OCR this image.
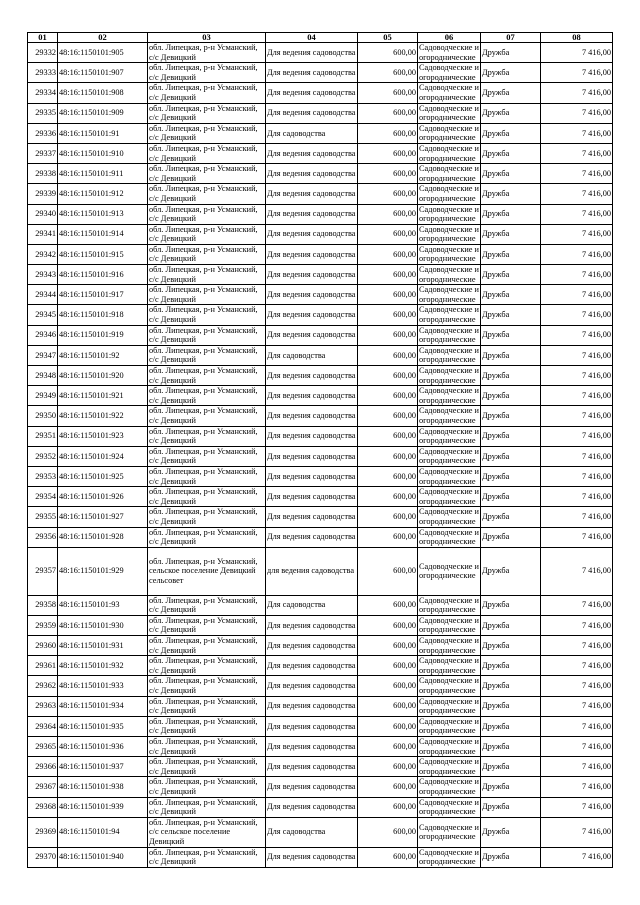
01	02	03	04	05	06	07	08
29332	48:16:1150101:905	обл. Липецкая, р-н Усманский, с/с Девицкий	Для ведения садоводства	600,00	Садоводческие и огороднические	Дружба	7 416,00
29333	48:16:1150101:907	обл. Липецкая, р-н Усманский, с/с Девицкий	Для ведения садоводства	600,00	Садоводческие и огороднические	Дружба	7 416,00
29334	48:16:1150101:908	обл. Липецкая, р-н Усманский, с/с Девицкий	Для ведения садоводства	600,00	Садоводческие и огороднические	Дружба	7 416,00
29335	48:16:1150101:909	обл. Липецкая, р-н Усманский, с/с Девицкий	Для ведения садоводства	600,00	Садоводческие и огороднические	Дружба	7 416,00
29336	48:16:1150101:91	обл. Липецкая, р-н Усманский, с/с Девицкий	Для садоводства	600,00	Садоводческие и огороднические	Дружба	7 416,00
29337	48:16:1150101:910	обл. Липецкая, р-н Усманский, с/с Девицкий	Для ведения садоводства	600,00	Садоводческие и огороднические	Дружба	7 416,00
29338	48:16:1150101:911	обл. Липецкая, р-н Усманский, с/с Девицкий	Для ведения садоводства	600,00	Садоводческие и огороднические	Дружба	7 416,00
29339	48:16:1150101:912	обл. Липецкая, р-н Усманский, с/с Девицкий	Для ведения садоводства	600,00	Садоводческие и огороднические	Дружба	7 416,00
29340	48:16:1150101:913	обл. Липецкая, р-н Усманский, с/с Девицкий	Для ведения садоводства	600,00	Садоводческие и огороднические	Дружба	7 416,00
29341	48:16:1150101:914	обл. Липецкая, р-н Усманский, с/с Девицкий	Для ведения садоводства	600,00	Садоводческие и огороднические	Дружба	7 416,00
29342	48:16:1150101:915	обл. Липецкая, р-н Усманский, с/с Девицкий	Для ведения садоводства	600,00	Садоводческие и огороднические	Дружба	7 416,00
29343	48:16:1150101:916	обл. Липецкая, р-н Усманский, с/с Девицкий	Для ведения садоводства	600,00	Садоводческие и огороднические	Дружба	7 416,00
29344	48:16:1150101:917	обл. Липецкая, р-н Усманский, с/с Девицкий	Для ведения садоводства	600,00	Садоводческие и огороднические	Дружба	7 416,00
29345	48:16:1150101:918	обл. Липецкая, р-н Усманский, с/с Девицкий	Для ведения садоводства	600,00	Садоводческие и огороднические	Дружба	7 416,00
29346	48:16:1150101:919	обл. Липецкая, р-н Усманский, с/с Девицкий	Для ведения садоводства	600,00	Садоводческие и огороднические	Дружба	7 416,00
29347	48:16:1150101:92	обл. Липецкая, р-н Усманский, с/с Девицкий	Для садоводства	600,00	Садоводческие и огороднические	Дружба	7 416,00
29348	48:16:1150101:920	обл. Липецкая, р-н Усманский, с/с Девицкий	Для ведения садоводства	600,00	Садоводческие и огороднические	Дружба	7 416,00
29349	48:16:1150101:921	обл. Липецкая, р-н Усманский, с/с Девицкий	Для ведения садоводства	600,00	Садоводческие и огороднические	Дружба	7 416,00
29350	48:16:1150101:922	обл. Липецкая, р-н Усманский, с/с Девицкий	Для ведения садоводства	600,00	Садоводческие и огороднические	Дружба	7 416,00
29351	48:16:1150101:923	обл. Липецкая, р-н Усманский, с/с Девицкий	Для ведения садоводства	600,00	Садоводческие и огороднические	Дружба	7 416,00
29352	48:16:1150101:924	обл. Липецкая, р-н Усманский, с/с Девицкий	Для ведения садоводства	600,00	Садоводческие и огороднические	Дружба	7 416,00
29353	48:16:1150101:925	обл. Липецкая, р-н Усманский, с/с Девицкий	Для ведения садоводства	600,00	Садоводческие и огороднические	Дружба	7 416,00
29354	48:16:1150101:926	обл. Липецкая, р-н Усманский, с/с Девицкий	Для ведения садоводства	600,00	Садоводческие и огороднические	Дружба	7 416,00
29355	48:16:1150101:927	обл. Липецкая, р-н Усманский, с/с Девицкий	Для ведения садоводства	600,00	Садоводческие и огороднические	Дружба	7 416,00
29356	48:16:1150101:928	обл. Липецкая, р-н Усманский, с/с Девицкий	Для ведения садоводства	600,00	Садоводческие и огороднические	Дружба	7 416,00
29357	48:16:1150101:929	обл. Липецкая, р-н Усманский, сельское поселение Девицкий сельсовет	для ведения садоводства	600,00	Садоводческие и огороднические	Дружба	7 416,00
29358	48:16:1150101:93	обл. Липецкая, р-н Усманский, с/с Девицкий	Для садоводства	600,00	Садоводческие и огороднические	Дружба	7 416,00
29359	48:16:1150101:930	обл. Липецкая, р-н Усманский, с/с Девицкий	Для ведения садоводства	600,00	Садоводческие и огороднические	Дружба	7 416,00
29360	48:16:1150101:931	обл. Липецкая, р-н Усманский, с/с Девицкий	Для ведения садоводства	600,00	Садоводческие и огороднические	Дружба	7 416,00
29361	48:16:1150101:932	обл. Липецкая, р-н Усманский, с/с Девицкий	Для ведения садоводства	600,00	Садоводческие и огороднические	Дружба	7 416,00
29362	48:16:1150101:933	обл. Липецкая, р-н Усманский, с/с Девицкий	Для ведения садоводства	600,00	Садоводческие и огороднические	Дружба	7 416,00
29363	48:16:1150101:934	обл. Липецкая, р-н Усманский, с/с Девицкий	Для ведения садоводства	600,00	Садоводческие и огороднические	Дружба	7 416,00
29364	48:16:1150101:935	обл. Липецкая, р-н Усманский, с/с Девицкий	Для ведения садоводства	600,00	Садоводческие и огороднические	Дружба	7 416,00
29365	48:16:1150101:936	обл. Липецкая, р-н Усманский, с/с Девицкий	Для ведения садоводства	600,00	Садоводческие и огороднические	Дружба	7 416,00
29366	48:16:1150101:937	обл. Липецкая, р-н Усманский, с/с Девицкий	Для ведения садоводства	600,00	Садоводческие и огороднические	Дружба	7 416,00
29367	48:16:1150101:938	обл. Липецкая, р-н Усманский, с/с Девицкий	Для ведения садоводства	600,00	Садоводческие и огороднические	Дружба	7 416,00
29368	48:16:1150101:939	обл. Липецкая, р-н Усманский, с/с Девицкий	Для ведения садоводства	600,00	Садоводческие и огороднические	Дружба	7 416,00
29369	48:16:1150101:94	обл. Липецкая, р-н Усманский, с/с сельское поселение Девицкий	Для садоводства	600,00	Садоводческие и огороднические	Дружба	7 416,00
29370	48:16:1150101:940	обл. Липецкая, р-н Усманский, с/с Девицкий	Для ведения садоводства	600,00	Садоводческие и огороднические	Дружба	7 416,00
